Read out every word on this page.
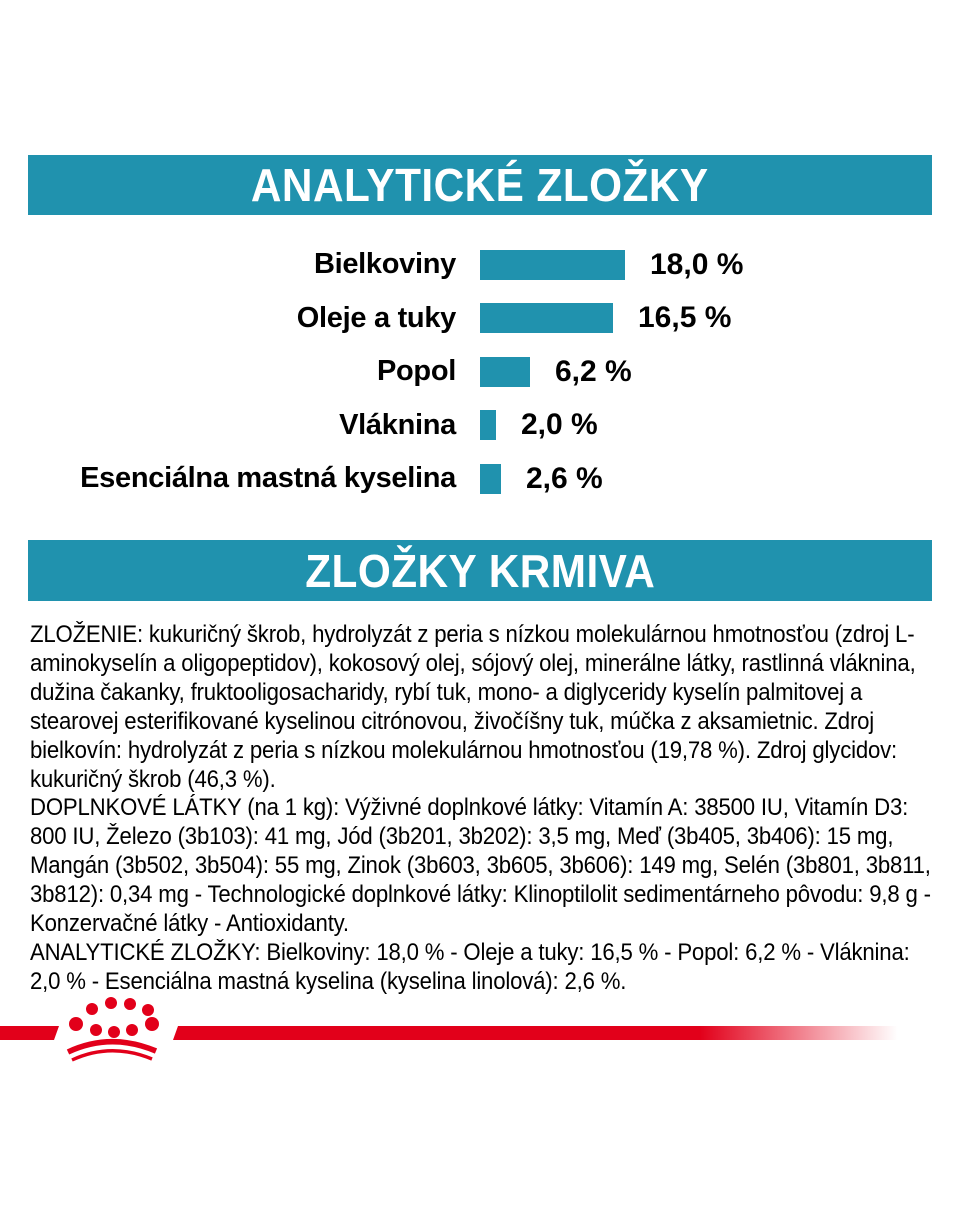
ANALYTICKÉ ZLOŽKY
Bielkoviny	18,0 %
Oleje a tuky	16,5 %
Popol	6,2 %
Vláknina 2,0 %
Esenciálna mastná kyselina 2,6 %
ZLOŽKY KRMIVA

ZLOŽENIE: kukuričný škrob, hydrolyzát z peria s nízkou molekulárnou hmotnosťou (zdroj L-aminokyselín a oligopeptidov), kokosový olej, sójový olej, minerálne látky, rastlinná vláknina, dužina čakanky, fruktooligosacharidy, rybí tuk, mono- a diglyceridy kyselín palmitovej a stearovej esterifikované kyselinou citrónovou, živočíšny tuk, múčka z aksamietnic. Zdroj bielkovín: hydrolyzát z peria s nízkou molekulárnou hmotnosťou (19,78 %). Zdroj glycidov: kukuričný škrob (46,3 %).

DOPLNKOVÉ LÁTKY (na 1 kg): Výživné doplnkové látky: Vitamín A: 38500 IU, Vitamín D3: 800 IU, Železo (3b103): 41 mg, Jód (3b201, 3b202): 3,5 mg, Meď (3b405, 3b406): 15 mg, Mangán (3b502, 3b504): 55 mg, Zinok (3b603, 3b605, 3b606): 149 mg, Selén (3b801, 3b811, 3b812): 0,34 mg - Technologické doplnkové látky: Klinoptilolit sedimentárneho pôvodu: 9,8 g - Konzervačné látky - Antioxidanty.

ANALYTICKÉ ZLOŽKY: Bielkoviny: 18,0 % - Oleje a tuky: 16,5 % - Popol: 6,2 % - Vláknina: 2,0 % - Esenciálna mastná kyselina (kyselina linolová): 2,6 %.
